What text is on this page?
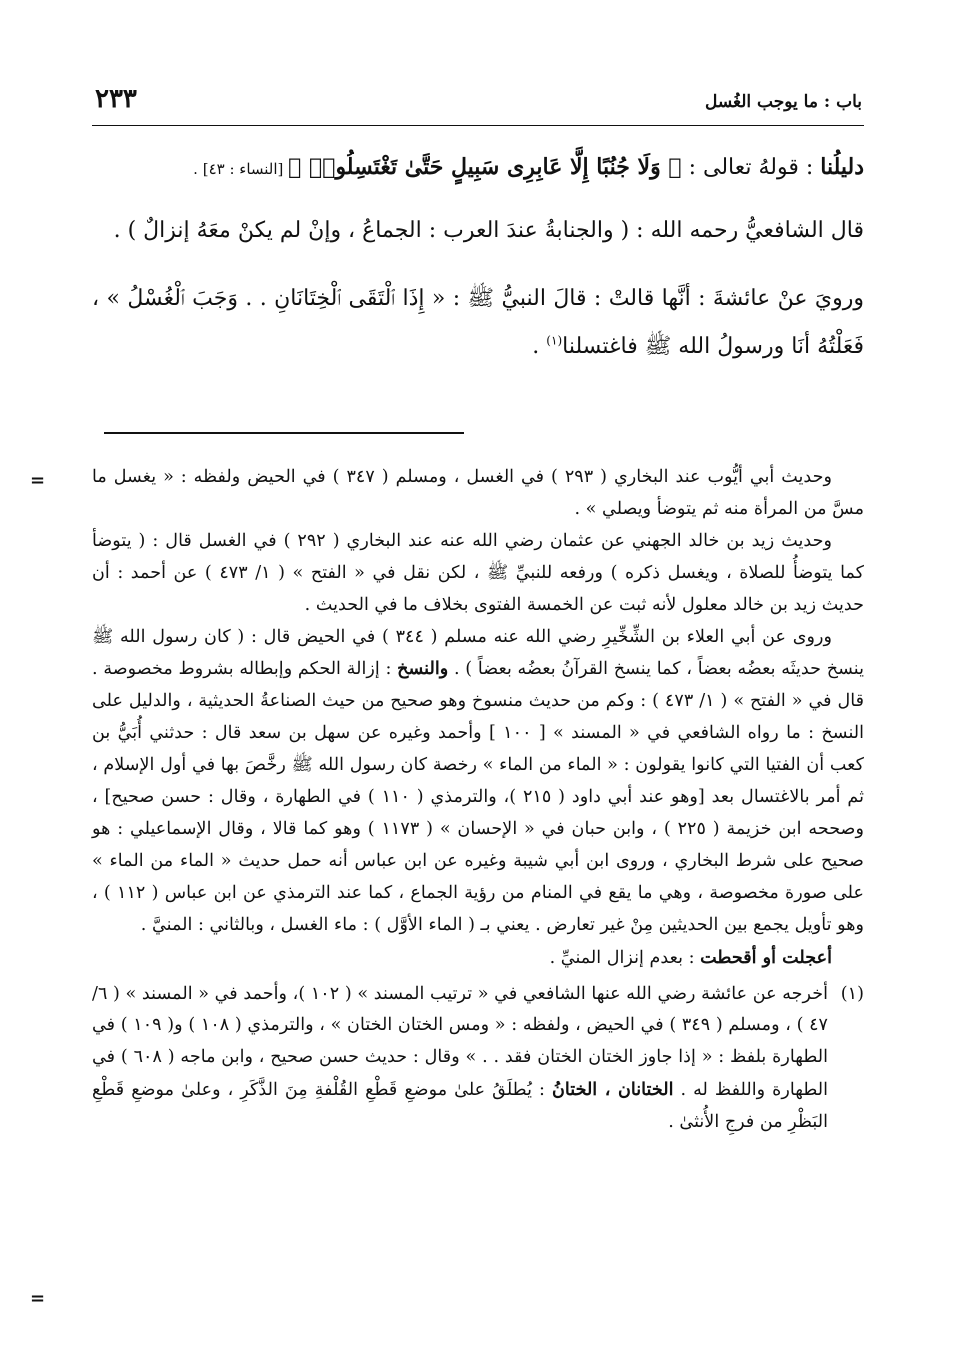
باب : ما يوجب الغُسل
٢٣٣

دليلُنا : قولهُ تعالى : ﴿ وَلَا جُنُبًا إِلَّا عَابِرِى سَبِيلٍ حَتَّىٰ تَغْتَسِلُوا۟ ﴾ [النساء : ٤٣] .

قال الشافعيُّ رحمه الله : ( والجنابةُ عندَ العرب : الجماعُ ، وإنْ لم يكنْ معَهُ إنزالٌ ) .

ورويَ عنْ عائشةَ : أنَّها قالتْ : قالَ النبيُّ ﷺ : « إِذَا ٱلْتَقَى ٱلْخِتَانَانِ . . وَجَبَ ٱلْغُسْلُ » ، فَعَلْتُهُ أنَا ورسولُ الله ﷺ فاغتسلنا$^{(١)}$ .

=
=

وحديث أبي أيُّوب عند البخاري ( ٢٩٣ ) في الغسل ، ومسلم ( ٣٤٧ ) في الحيض ولفظه : « يغسل ما مسَّ من المرأة منه ثم يتوضأ ويصلي » .

وحديث زيد بن خالد الجهني عن عثمان رضي الله عنه عند البخاري ( ٢٩٢ ) في الغسل قال : ( يتوضأ كما يتوضأُ للصلاة ، ويغسل ذكره ) ورفعه للنبيِّ ﷺ ، لكن نقل في « الفتح » ( ١/ ٤٧٣ ) عن أحمد : أن حديث زيد بن خالد معلول لأنه ثبت عن الخمسة الفتوى بخلاف ما في الحديث .

وروى عن أبي العلاء بن الشِّخِّيرِ رضي الله عنه مسلم ( ٣٤٤ ) في الحيض قال : ( كان رسول الله ﷺ ينسخ حديثَه بعضُه بعضاً ، كما ينسخ القرآنُ بعضُه بعضاً ) . والنسخ : إزالة الحكم وإبطاله بشروط مخصوصة . قال في « الفتح » ( ١/ ٤٧٣ ) : وكم من حديث منسوخ وهو صحيح من حيث الصناعةُ الحديثية ، والدليل على النسخ : ما رواه الشافعي في « المسند » [ ١٠٠ ] وأحمد وغيره عن سهل بن سعد قال : حدثني أُبَيُّ بن كعب أن الفتيا التي كانوا يقولون : « الماء من الماء » رخصة كان رسول الله ﷺ رخَّصَ بها في أول الإسلام ، ثم أمر بالاغتسال بعد [وهو عند أبي داود ( ٢١٥ )، والترمذي ( ١١٠ ) في الطهارة ، وقال : حسن صحيح] ، وصححه ابن خزيمة ( ٢٢٥ ) ، وابن حبان في « الإحسان » ( ١١٧٣ ) وهو كما قالا ، وقال الإسماعيلي : هو صحيح على شرط البخاري ، وروى ابن أبي شيبة وغيره عن ابن عباس أنه حمل حديث « الماء من الماء » على صورة مخصوصة ، وهي ما يقع في المنام من رؤية الجماع ، كما عند الترمذي عن ابن عباس ( ١١٢ ) ، وهو تأويل يجمع بين الحديثين مِنْ غير تعارض . يعني بـ ( الماء الأوَّل ) : ماء الغسل ، وبالثاني : المنيَّ .

أعجلت أو أقحطت : بعدم إنزال المنيِّ .

(١)
أخرجه عن عائشة رضي الله عنها الشافعي في « ترتيب المسند » ( ١٠٢ )، وأحمد في « المسند » ( ٦/ ٤٧ ) ، ومسلم ( ٣٤٩ ) في الحيض ، ولفظه : « ومس الختان الختان » ، والترمذي ( ١٠٨ ) و( ١٠٩ ) في الطهارة بلفظ : « إذا جاوز الختان الختان فقد . . » وقال : حديث حسن صحيح ، وابن ماجه ( ٦٠٨ ) في الطهارة واللفظ له . الختانان ، الختانُ : يُطلَقُ علىٰ موضعِ قَطْعِ القُلْفةِ مِنَ الذَّكَرِ ، وعلىٰ موضعِ قَطْعِ البَظْرِ من فرجِ الأُنثىٰ .
